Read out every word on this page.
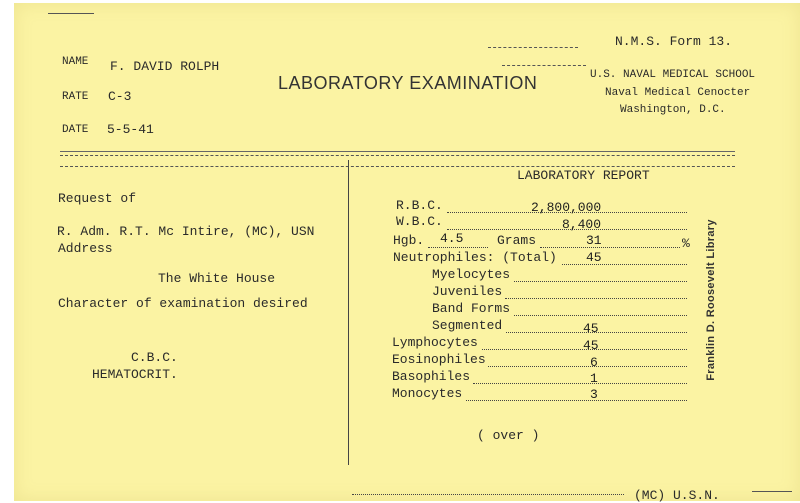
N.M.S. Form 13.
LABORATORY EXAMINATION	U.S. NAVAL MEDICAL SCHOOL
Naval Medical Cenocter
Washington, D.C.
NAME F. DAVID ROLPH
RATE C-3
DATE 5-5-41
Request of
R. Adm. R.T. Mc Intire, (MC), USN
Address
The White House
Character of examination desired
C.B.C.
HEMATOCRIT.
LABORATORY REPORT
R.B.C.	2,800,000
W.B.C.	8,400
Hgb. 4.5	Grams	31	%
Neutrophiles: (Total) 45
Myelocytes
Juveniles
Band Forms
Segmented	45
Lymphocytes	45
Eosinophiles	6
Basophiles	1
Monocytes	3
( over )
Franklin D. Roosevelt Library
(MC) U.S.N.
